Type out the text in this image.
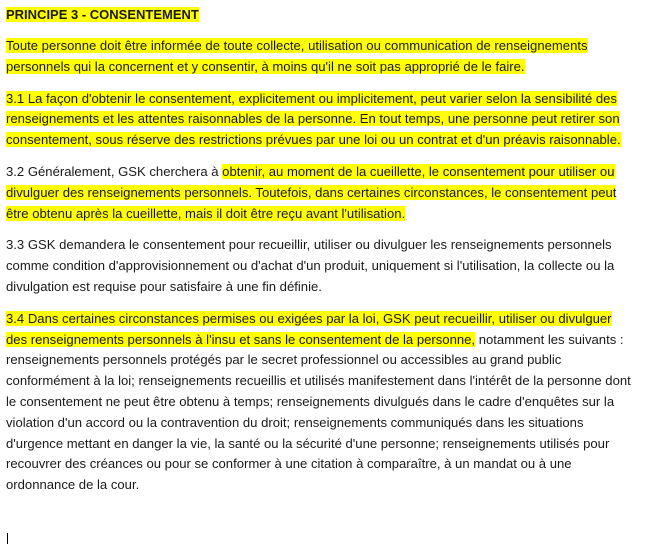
PRINCIPE 3 - CONSENTEMENT

Toute personne doit être informée de toute collecte, utilisation ou communication de renseignements personnels qui la concernent et y consentir, à moins qu'il ne soit pas approprié de le faire.

3.1 La façon d'obtenir le consentement, explicitement ou implicitement, peut varier selon la sensibilité des renseignements et les attentes raisonnables de la personne. En tout temps, une personne peut retirer son consentement, sous réserve des restrictions prévues par une loi ou un contrat et d'un préavis raisonnable.

3.2 Généralement, GSK cherchera à obtenir, au moment de la cueillette, le consentement pour utiliser ou divulguer des renseignements personnels. Toutefois, dans certaines circonstances, le consentement peut être obtenu après la cueillette, mais il doit être reçu avant l'utilisation.

3.3 GSK demandera le consentement pour recueillir, utiliser ou divulguer les renseignements personnels comme condition d'approvisionnement ou d'achat d'un produit, uniquement si l'utilisation, la collecte ou la divulgation est requise pour satisfaire à une fin définie.

3.4 Dans certaines circonstances permises ou exigées par la loi, GSK peut recueillir, utiliser ou divulguer des renseignements personnels à l'insu et sans le consentement de la personne, notamment les suivants : renseignements personnels protégés par le secret professionnel ou accessibles au grand public conformément à la loi; renseignements recueillis et utilisés manifestement dans l'intérêt de la personne dont le consentement ne peut être obtenu à temps; renseignements divulgués dans le cadre d'enquêtes sur la violation d'un accord ou la contravention du droit; renseignements communiqués dans les situations d'urgence mettant en danger la vie, la santé ou la sécurité d'une personne; renseignements utilisés pour recouvrer des créances ou pour se conformer à une citation à comparaître, à un mandat ou à une ordonnance de la cour.
